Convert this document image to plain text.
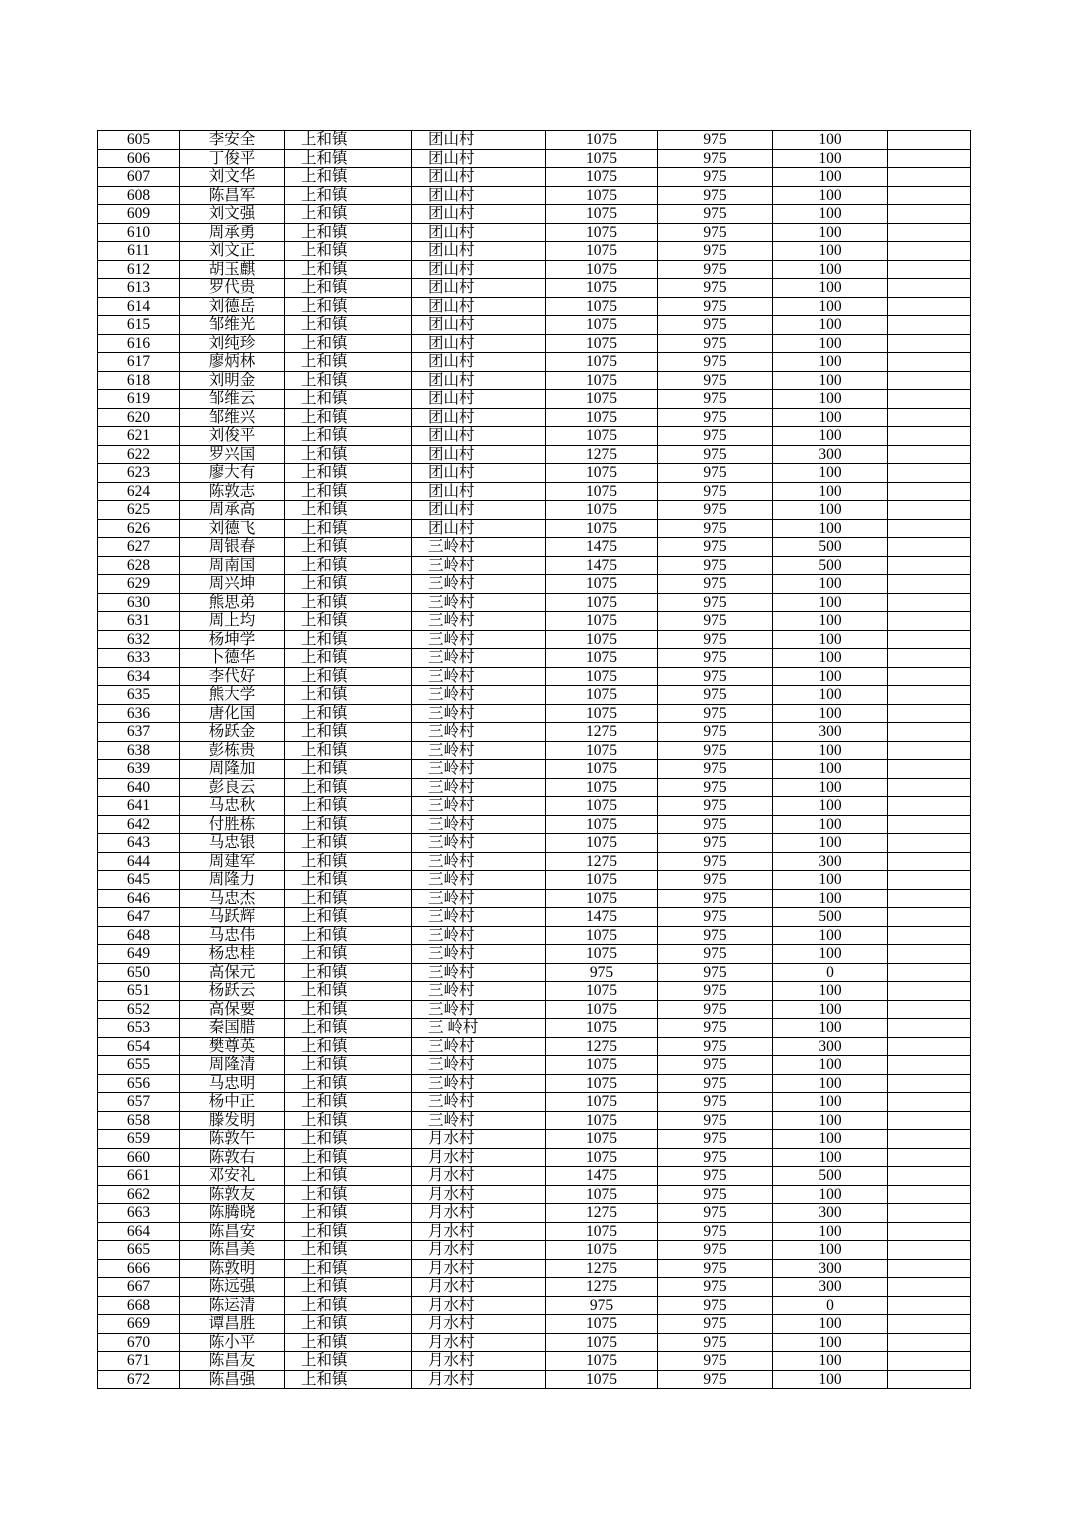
605	李安全	上和镇	团山村	1075	975	100	
606	丁俊平	上和镇	团山村	1075	975	100	
607	刘文华	上和镇	团山村	1075	975	100	
608	陈昌军	上和镇	团山村	1075	975	100	
609	刘文强	上和镇	团山村	1075	975	100	
610	周承勇	上和镇	团山村	1075	975	100	
611	刘文正	上和镇	团山村	1075	975	100	
612	胡玉麒	上和镇	团山村	1075	975	100	
613	罗代贵	上和镇	团山村	1075	975	100	
614	刘德岳	上和镇	团山村	1075	975	100	
615	邹维光	上和镇	团山村	1075	975	100	
616	刘纯珍	上和镇	团山村	1075	975	100	
617	廖炳林	上和镇	团山村	1075	975	100	
618	刘明金	上和镇	团山村	1075	975	100	
619	邹维云	上和镇	团山村	1075	975	100	
620	邹维兴	上和镇	团山村	1075	975	100	
621	刘俊平	上和镇	团山村	1075	975	100	
622	罗兴国	上和镇	团山村	1275	975	300	
623	廖大有	上和镇	团山村	1075	975	100	
624	陈敦志	上和镇	团山村	1075	975	100	
625	周承高	上和镇	团山村	1075	975	100	
626	刘德飞	上和镇	团山村	1075	975	100	
627	周银春	上和镇	三岭村	1475	975	500	
628	周南国	上和镇	三岭村	1475	975	500	
629	周兴坤	上和镇	三岭村	1075	975	100	
630	熊思弟	上和镇	三岭村	1075	975	100	
631	周上均	上和镇	三岭村	1075	975	100	
632	杨坤学	上和镇	三岭村	1075	975	100	
633	卜德华	上和镇	三岭村	1075	975	100	
634	李代好	上和镇	三岭村	1075	975	100	
635	熊大学	上和镇	三岭村	1075	975	100	
636	唐化国	上和镇	三岭村	1075	975	100	
637	杨跃金	上和镇	三岭村	1275	975	300	
638	彭栋贵	上和镇	三岭村	1075	975	100	
639	周隆加	上和镇	三岭村	1075	975	100	
640	彭良云	上和镇	三岭村	1075	975	100	
641	马忠秋	上和镇	三岭村	1075	975	100	
642	付胜栋	上和镇	三岭村	1075	975	100	
643	马忠银	上和镇	三岭村	1075	975	100	
644	周建军	上和镇	三岭村	1275	975	300	
645	周隆力	上和镇	三岭村	1075	975	100	
646	马忠杰	上和镇	三岭村	1075	975	100	
647	马跃辉	上和镇	三岭村	1475	975	500	
648	马忠伟	上和镇	三岭村	1075	975	100	
649	杨忠桂	上和镇	三岭村	1075	975	100	
650	高保元	上和镇	三岭村	975	975	0	
651	杨跃云	上和镇	三岭村	1075	975	100	
652	高保要	上和镇	三岭村	1075	975	100	
653	秦国腊	上和镇	三 岭村	1075	975	100	
654	樊尊英	上和镇	三岭村	1275	975	300	
655	周隆清	上和镇	三岭村	1075	975	100	
656	马忠明	上和镇	三岭村	1075	975	100	
657	杨中正	上和镇	三岭村	1075	975	100	
658	滕发明	上和镇	三岭村	1075	975	100	
659	陈敦午	上和镇	月水村	1075	975	100	
660	陈敦右	上和镇	月水村	1075	975	100	
661	邓安礼	上和镇	月水村	1475	975	500	
662	陈敦友	上和镇	月水村	1075	975	100	
663	陈腾晓	上和镇	月水村	1275	975	300	
664	陈昌安	上和镇	月水村	1075	975	100	
665	陈昌美	上和镇	月水村	1075	975	100	
666	陈敦明	上和镇	月水村	1275	975	300	
667	陈远强	上和镇	月水村	1275	975	300	
668	陈运清	上和镇	月水村	975	975	0	
669	谭昌胜	上和镇	月水村	1075	975	100	
670	陈小平	上和镇	月水村	1075	975	100	
671	陈昌友	上和镇	月水村	1075	975	100	
672	陈昌强	上和镇	月水村	1075	975	100	
